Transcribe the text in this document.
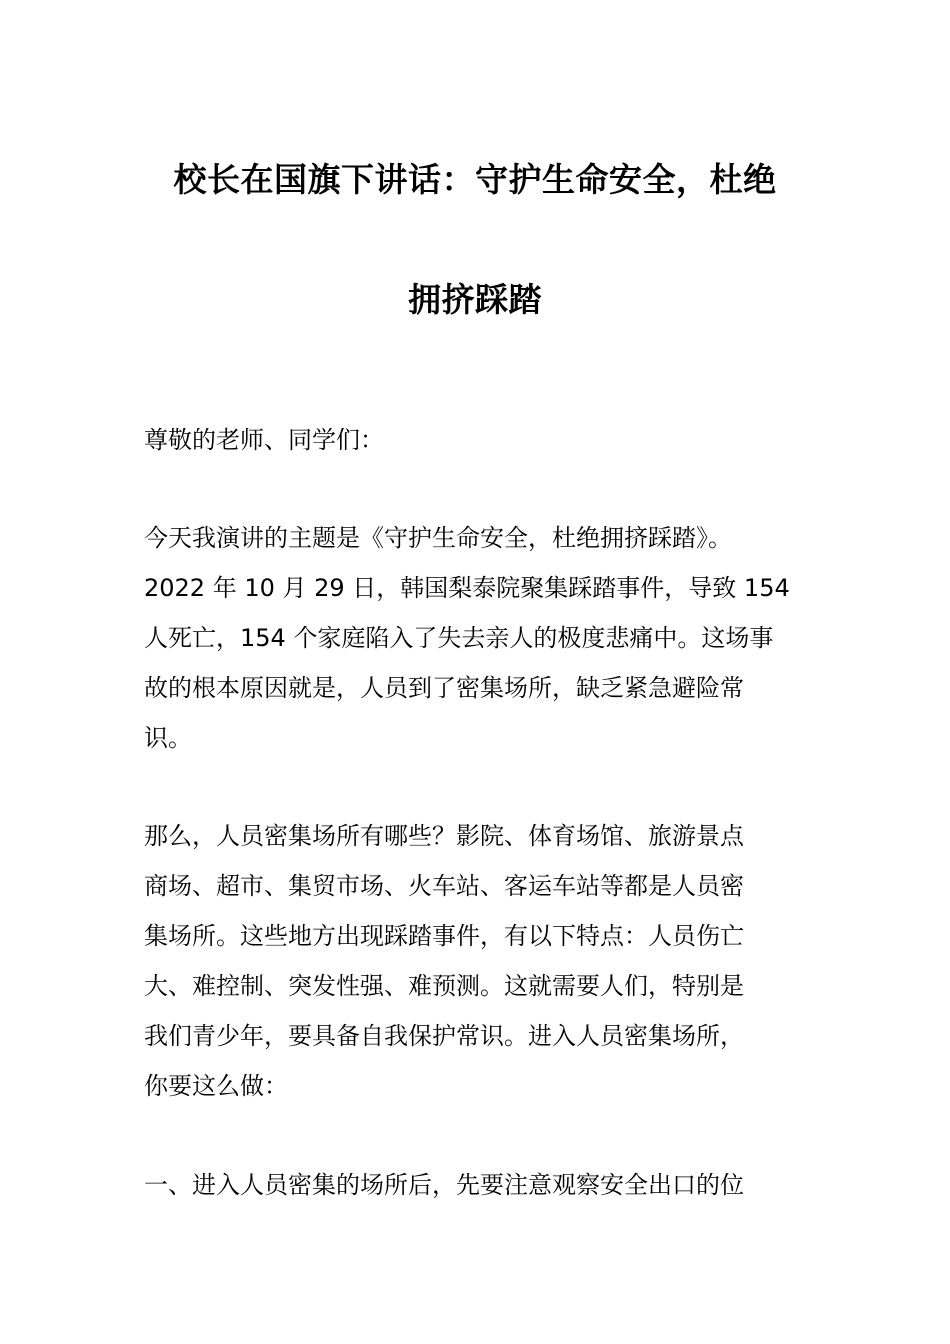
校长在国旗下讲话：守护生命安全，杜绝
拥挤踩踏
尊敬的老师、同学们：
今天我演讲的主题是《守护生命安全，杜绝拥挤踩踏》。
2022 年 10 月 29 日，韩国梨泰院聚集踩踏事件，导致 154
人死亡，154 个家庭陷入了失去亲人的极度悲痛中。这场事
故的根本原因就是，人员到了密集场所，缺乏紧急避险常
识。
那么，人员密集场所有哪些？影院、体育场馆、旅游景点
商场、超市、集贸市场、火车站、客运车站等都是人员密
集场所。这些地方出现踩踏事件，有以下特点：人员伤亡
大、难控制、突发性强、难预测。这就需要人们，特别是
我们青少年，要具备自我保护常识。进入人员密集场所，
你要这么做：
一、进入人员密集的场所后，先要注意观察安全出口的位
